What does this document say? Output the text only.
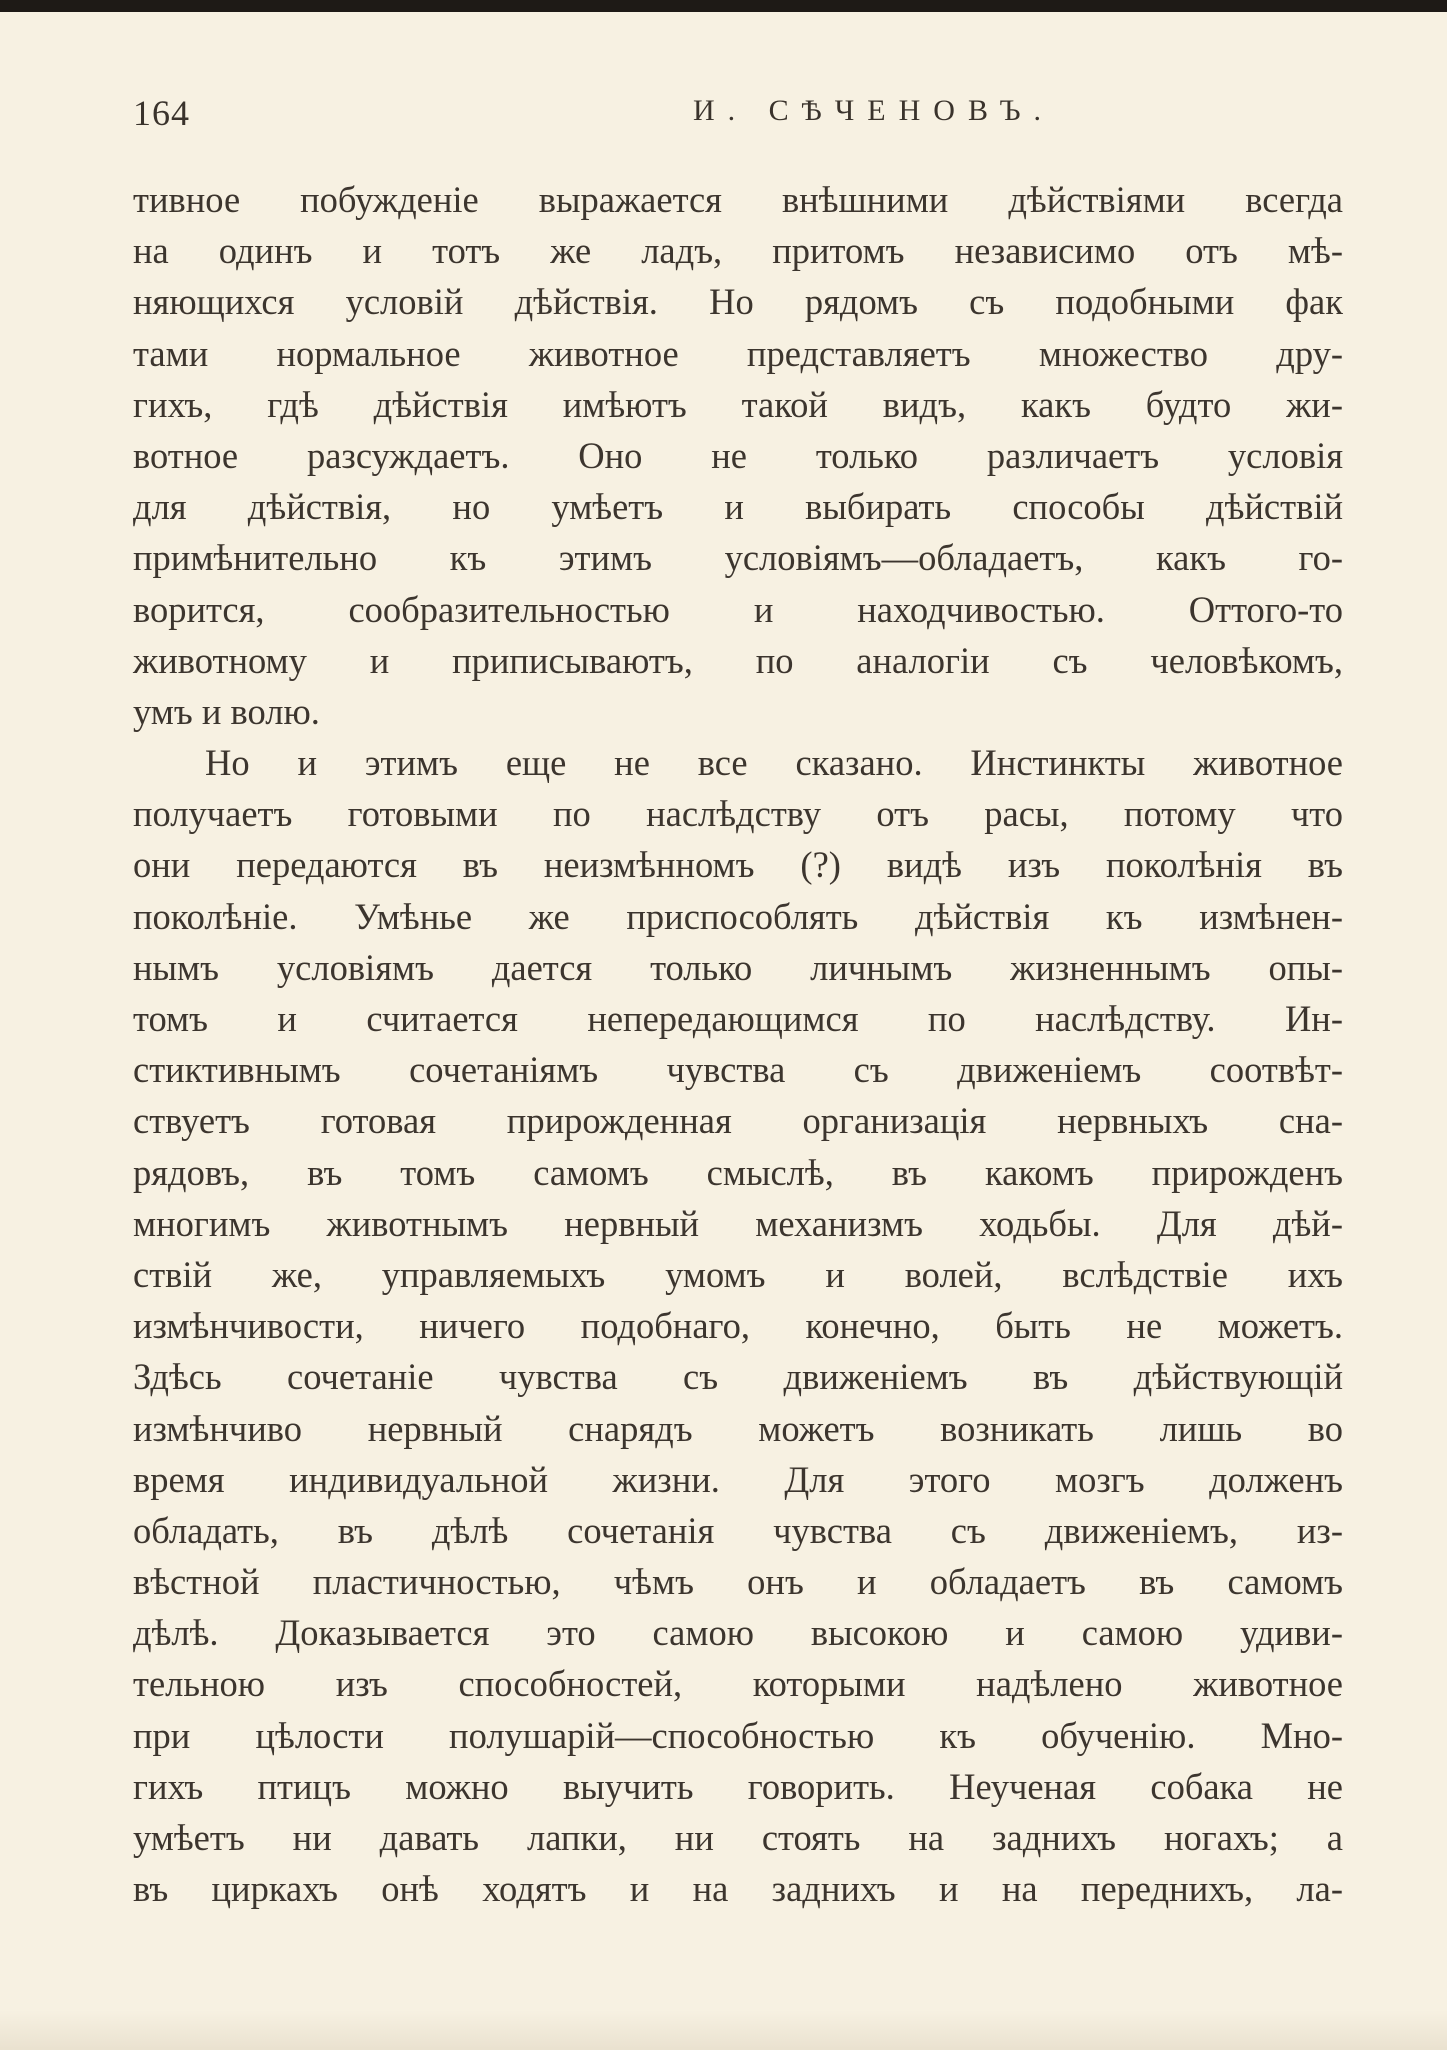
164	И. СѢЧЕНОВЪ.
тивное побужденіе выражается внѣшними дѣйствіями всегда
на одинъ и тотъ же ладъ, притомъ независимо отъ мѣ-
няющихся условій дѣйствія. Но рядомъ съ подобными фак
тами нормальное животное представляетъ множество дру-
гихъ, гдѣ дѣйствія имѣютъ такой видъ, какъ будто жи-
вотное разсуждаетъ. Оно не только различаетъ условія
для дѣйствія, но умѣетъ и выбирать способы дѣйствій
примѣнительно къ этимъ условіямъ—обладаетъ, какъ го-
ворится, сообразительностью и находчивостью. Оттого-то
животному и приписываютъ, по аналогіи съ человѣкомъ,
умъ и волю.
Но и этимъ еще не все сказано. Инстинкты животное
получаетъ готовыми по наслѣдству отъ расы, потому что
они передаются въ неизмѣнномъ (?) видѣ изъ поколѣнія въ
поколѣніе. Умѣнье же приспособлять дѣйствія къ измѣнен-
нымъ условіямъ дается только личнымъ жизненнымъ опы-
томъ и считается непередающимся по наслѣдству. Ин-
стиктивнымъ сочетаніямъ чувства съ движеніемъ соотвѣт-
ствуетъ готовая прирожденная организація нервныхъ сна-
рядовъ, въ томъ самомъ смыслѣ, въ какомъ прирожденъ
многимъ животнымъ нервный механизмъ ходьбы. Для дѣй-
ствій же, управляемыхъ умомъ и волей, вслѣдствіе ихъ
измѣнчивости, ничего подобнаго, конечно, быть не можетъ.
Здѣсь сочетаніе чувства съ движеніемъ въ дѣйствующій
измѣнчиво нервный снарядъ можетъ возникать лишь во
время индивидуальной жизни. Для этого мозгъ долженъ
обладать, въ дѣлѣ сочетанія чувства съ движеніемъ, из-
вѣстной пластичностью, чѣмъ онъ и обладаетъ въ самомъ
дѣлѣ. Доказывается это самою высокою и самою удиви-
тельною изъ способностей, которыми надѣлено животное
при цѣлости полушарій—способностью къ обученію. Мно-
гихъ птицъ можно выучить говорить. Неученая собака не
умѣетъ ни давать лапки, ни стоять на заднихъ ногахъ; а
въ циркахъ онѣ ходятъ и на заднихъ и на переднихъ, ла-
